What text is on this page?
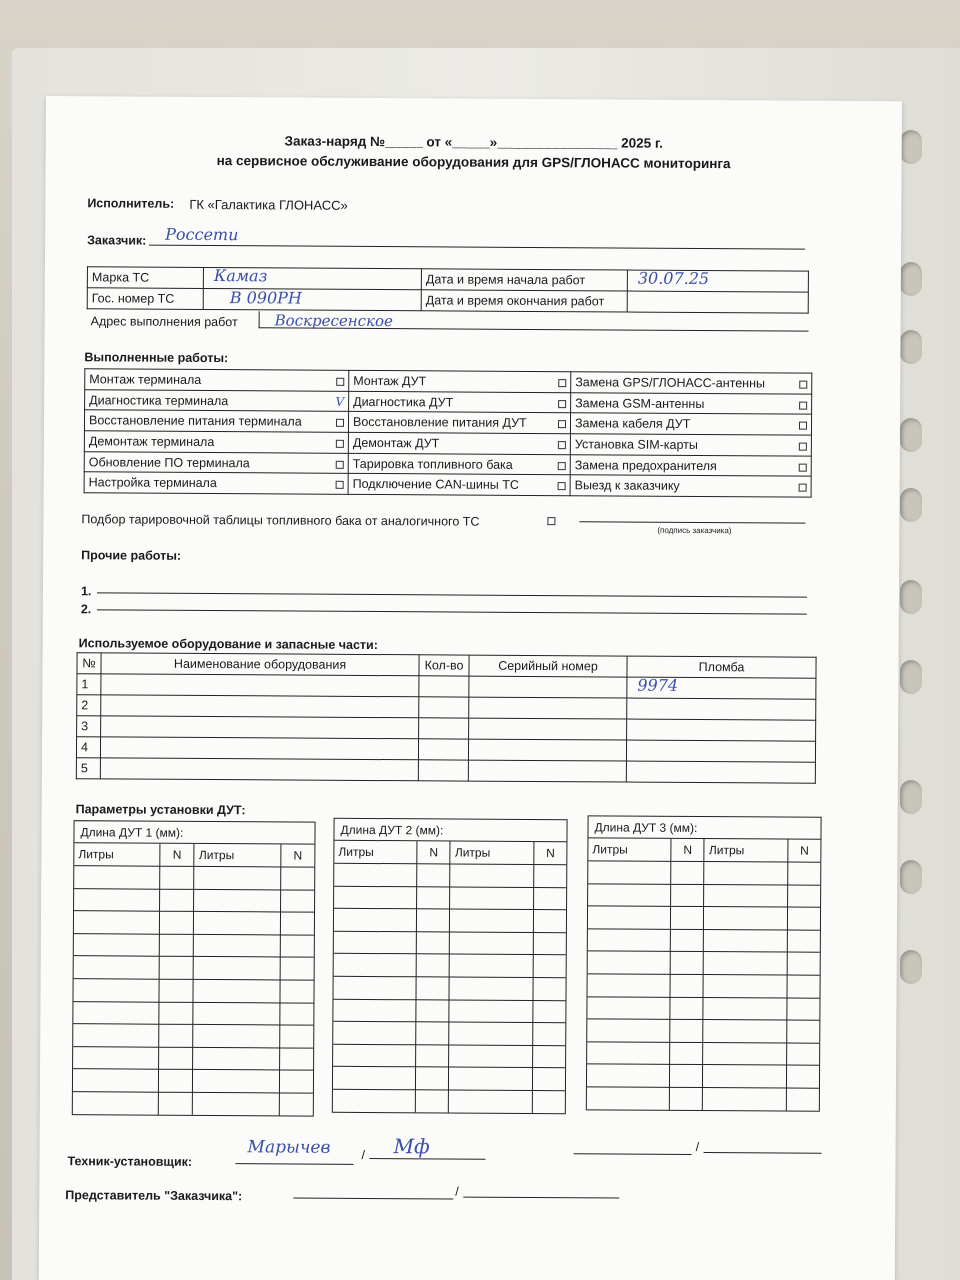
Заказ-наряд №_____ от «_____»________________ 2025 г.
на сервисное обслуживание оборудования для GPS/ГЛОНАСС мониторинга
Исполнитель: ГК «Галактика ГЛОНАСС»
Заказчик: Россети
Марка ТС	Камаз	Дата и время начала работ	30.07.25

Гос. номер ТС	В 090РН	Дата и время окончания работ	
Адрес выполнения работ Воскресенское
Выполненные работы:
Монтаж терминала	Монтаж ДУТ	Замена GPS/ГЛОНАСС-антенны

Диагностика терминала V	Диагностика ДУТ	Замена GSM-антенны

Восстановление питания терминала	Восстановление питания ДУТ	Замена кабеля ДУТ

Демонтаж терминала	Демонтаж ДУТ	Установка SIM-карты

Обновление ПО терминала	Тарировка топливного бака	Замена предохранителя

Настройка терминала	Подключение CAN-шины ТС	Выезд к заказчику
Подбор тарировочной таблицы топливного бака от аналогичного ТС
(подпись заказчика)
Прочие работы:
1.
2.
Используемое оборудование и запасные части:
№	Наименование оборудования	Кол-во	Серийный номер	Пломба
1				9974

2				
3				
4				
5				
Параметры установки ДУТ:
Длина ДУТ 1 (мм):
Литры	N	Литры	N

Длина ДУТ 2 (мм):
Литры	N	Литры	N

Длина ДУТ 3 (мм):
Литры	N	Литры	N

Техник-установщик:
Марычев / Мф	/
Представитель "Заказчика":	/
